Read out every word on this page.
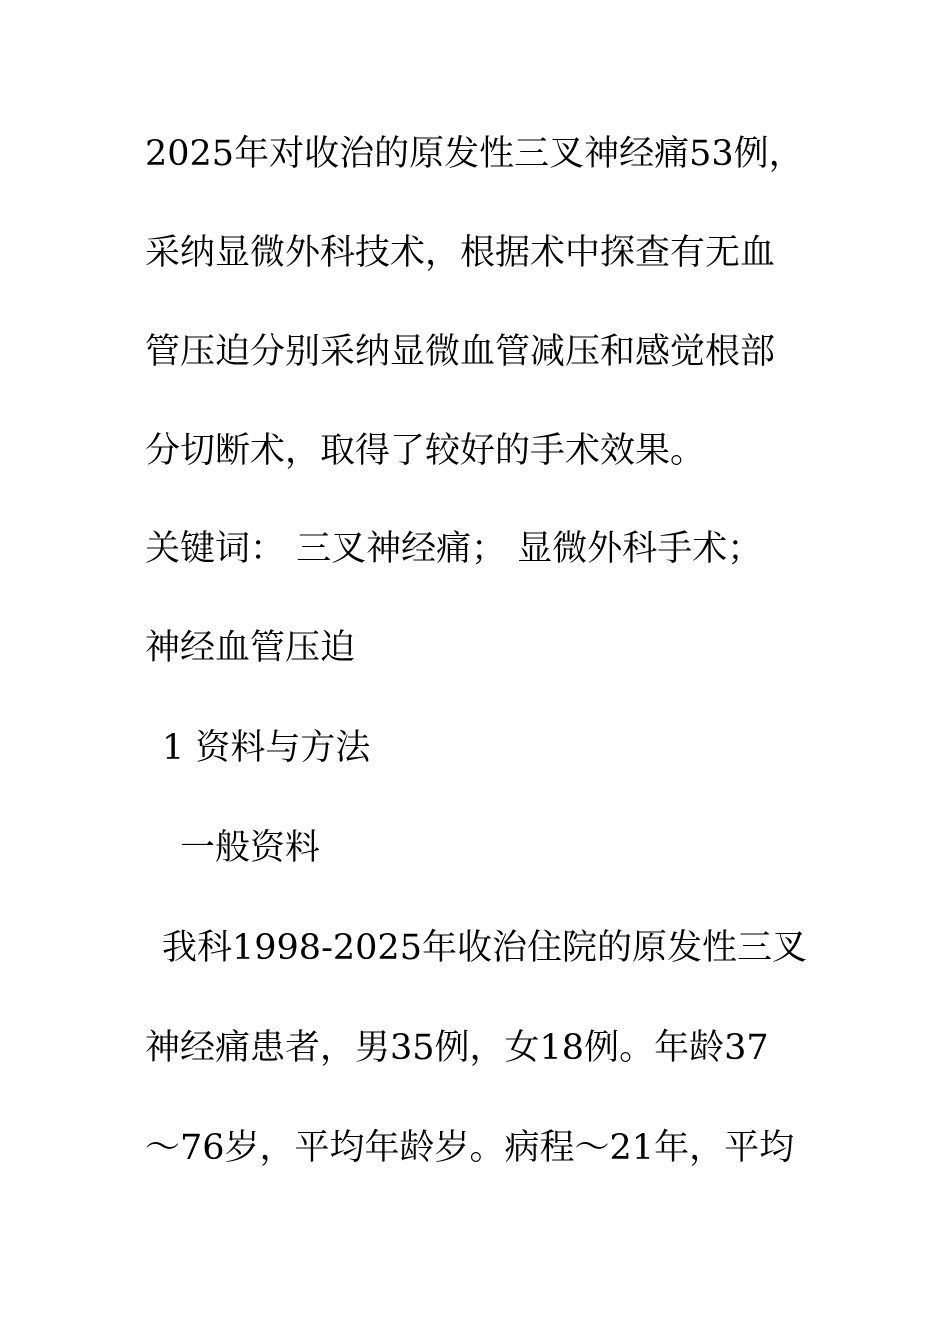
2025年对收治的原发性三叉神经痛53例，
采纳显微外科技术，根据术中探查有无血
管压迫分别采纳显微血管减压和感觉根部
分切断术，取得了较好的手术效果。
关键词： 三叉神经痛； 显微外科手术；
神经血管压迫
1 资料与方法
一般资料
我科1998-2025年收治住院的原发性三叉
神经痛患者，男35例，女18例。年龄37
～76岁，平均年龄岁。病程～21年，平均
